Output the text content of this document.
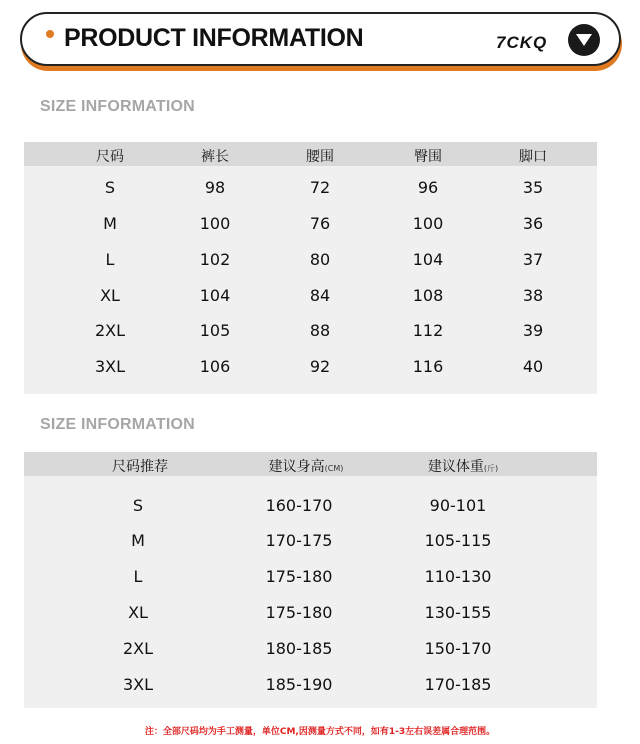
PRODUCT INFORMATION	7CKQ
SIZE INFORMATION
尺码	裤长	腰围	臀围	脚口
S	98	72	96	35
M	100	76	100	36
L	102	80	104	37
XL	104	84	108	38
2XL	105	88	112	39
3XL	106	92	116	40
SIZE INFORMATION
尺码推荐	建议身高(CM)	建议体重(斤)
S	160-170	90-101
M	170-175	105-115
L	175-180	110-130
XL	175-180	130-155
2XL	180-185	150-170
3XL	185-190	170-185
注：全部尺码均为手工测量，单位CM,因测量方式不同，如有1-3左右误差属合理范围。
